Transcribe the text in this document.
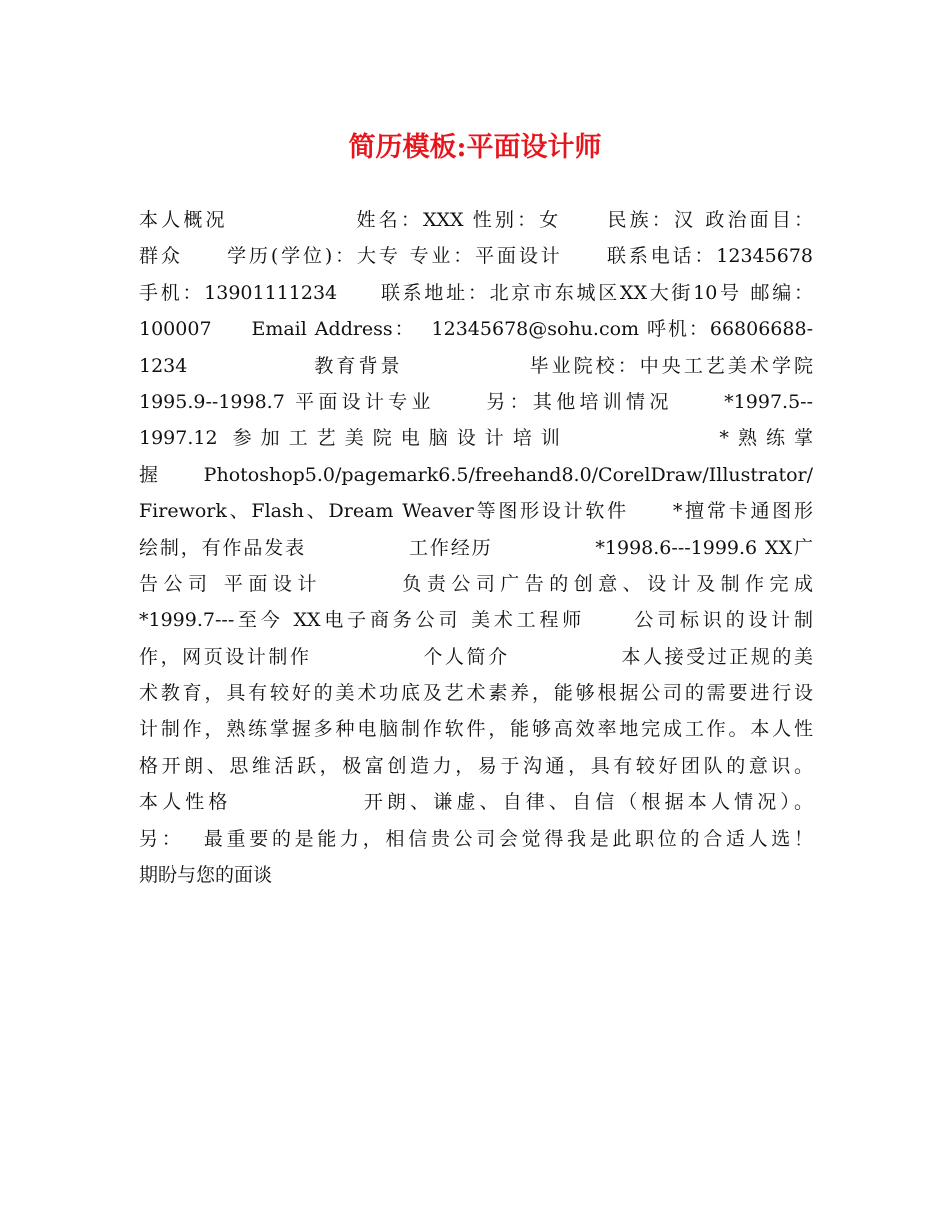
简历模板:平面设计师
本人概况              姓名：XXX 性别：女     民族：汉 政治面目：
群众     学历(学位)：大专 专业：平面设计     联系电话：12345678
手机：13901111234     联系地址：北京市东城区XX大街10号 邮编：
100007     Email Address：  12345678@sohu.com 呼机：66806688-
1234              教育背景              毕业院校：中央工艺美术学院
1995.9--1998.7 平面设计专业     另：其他培训情况     *1997.5--
1997.12 参加工艺美院电脑设计培训          *熟练掌
握 Photoshop5.0/pagemark6.5/freehand8.0/CorelDraw/Illustrator/
Firework、Flash、Dream Weaver等图形设计软件     *擅常卡通图形
绘制，有作品发表             工作经历             *1998.6---1999.6 XX广
告公司 平面设计       负责公司广告的创意、设计及制作完成
*1999.7---至今 XX电子商务公司 美术工程师     公司标识的设计制
作，网页设计制作             个人简介             本人接受过正规的美
术教育，具有较好的美术功底及艺术素养，能够根据公司的需要进行设
计制作，熟练掌握多种电脑制作软件，能够高效率地完成工作。本人性
格开朗、思维活跃，极富创造力，易于沟通，具有较好团队的意识。
本人性格             开朗、谦虚、自律、自信（根据本人情况）。
另：  最重要的是能力，相信贵公司会觉得我是此职位的合适人选！
期盼与您的面谈
